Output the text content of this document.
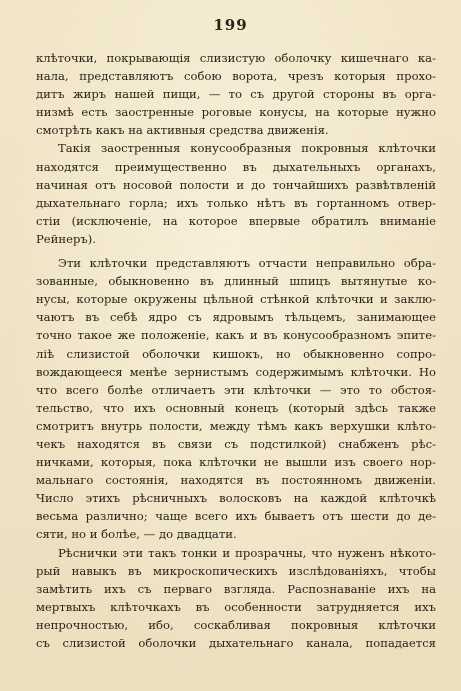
199
клѣточки, покрывающія слизистую оболочку кишечнаго ка-
нала, представляютъ собою ворота, чрезъ которыя прохо-
дитъ жиръ нашей пищи, — то съ другой стороны въ орга-
низмѣ есть заостренные роговые конусы, на которые нужно
смотрѣть какъ на активныя средства движенія.
Такія заостренныя конусообразныя покровныя клѣточки
находятся преимущественно въ дыхательныхъ органахъ,
начиная отъ носовой полости и до тончайшихъ развѣтвленій
дыхательнаго горла; ихъ только нѣтъ въ гортанномъ отвер-
стіи (исключеніе, на которое впервые обратилъ вниманіе
Рейнеръ).
Эти клѣточки представляютъ отчасти неправильно обра-
зованные, обыкновенно въ длинный шпицъ вытянутые ко-
нусы, которые окружены цѣльной стѣнкой клѣточки и заклю-
чаютъ въ себѣ ядро съ ядровымъ тѣльцемъ, занимающее
точно такое же положеніе, какъ и въ конусообразномъ эпите-
ліѣ слизистой оболочки кишокъ, но обыкновенно сопро-
вождающееся менѣе зернистымъ содержимымъ клѣточки. Но
что всего болѣе отличаетъ эти клѣточки — это то обстоя-
тельство, что ихъ основный конецъ (который здѣсь также
смотритъ внутрь полости, между тѣмъ какъ верхушки клѣто-
чекъ находятся въ связи съ подстилкой) снабженъ рѣс-
ничками, которыя, пока клѣточки не вышли изъ своего нор-
мальнаго состоянія, находятся въ постоянномъ движеніи.
Число этихъ рѣсничныхъ волосковъ на каждой клѣточкѣ
весьма различно; чаще всего ихъ бываетъ отъ шести до де-
сяти, но и болѣе, — до двадцати.
Рѣснички эти такъ тонки и прозрачны, что нуженъ нѣкото-
рый навыкъ въ микроскопическихъ изслѣдованіяхъ, чтобы
замѣтить ихъ съ перваго взгляда. Распознаваніе ихъ на
мертвыхъ клѣточкахъ въ особенности затрудняется ихъ
непрочностью, ибо, соскабливая покровныя клѣточки
съ слизистой оболочки дыхательнаго канала, попадается
